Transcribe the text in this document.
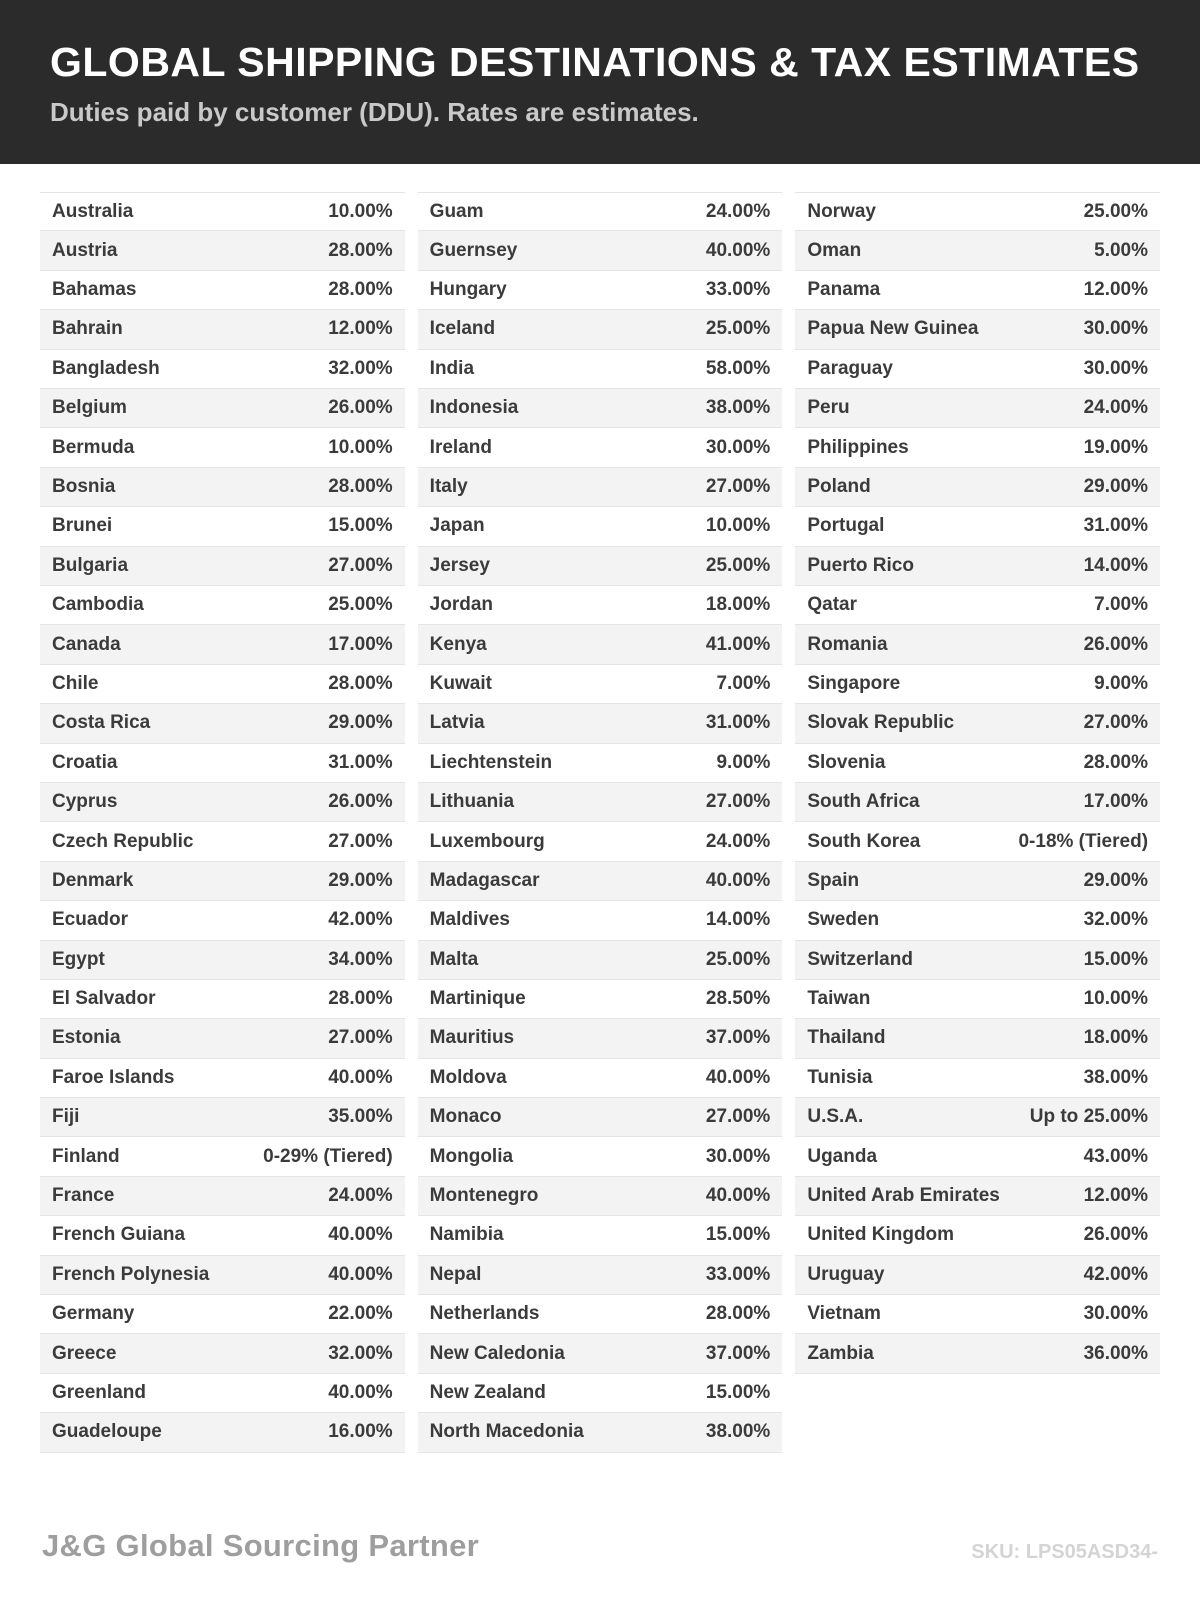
GLOBAL SHIPPING DESTINATIONS & TAX ESTIMATES

Duties paid by customer (DDU). Rates are estimates.

Australia	10.00%
Austria	28.00%
Bahamas	28.00%
Bahrain	12.00%
Bangladesh	32.00%
Belgium	26.00%
Bermuda	10.00%
Bosnia	28.00%
Brunei	15.00%
Bulgaria	27.00%
Cambodia	25.00%
Canada	17.00%
Chile	28.00%
Costa Rica	29.00%
Croatia	31.00%
Cyprus	26.00%
Czech Republic	27.00%
Denmark	29.00%
Ecuador	42.00%
Egypt	34.00%
El Salvador	28.00%
Estonia	27.00%
Faroe Islands	40.00%
Fiji	35.00%
Finland	0-29% (Tiered)
France	24.00%
French Guiana	40.00%
French Polynesia	40.00%
Germany	22.00%
Greece	32.00%
Greenland	40.00%
Guadeloupe	16.00%
Guam	24.00%
Guernsey	40.00%
Hungary	33.00%
Iceland	25.00%
India	58.00%
Indonesia	38.00%
Ireland	30.00%
Italy	27.00%
Japan	10.00%
Jersey	25.00%
Jordan	18.00%
Kenya	41.00%
Kuwait	7.00%
Latvia	31.00%
Liechtenstein	9.00%
Lithuania	27.00%
Luxembourg	24.00%
Madagascar	40.00%
Maldives	14.00%
Malta	25.00%
Martinique	28.50%
Mauritius	37.00%
Moldova	40.00%
Monaco	27.00%
Mongolia	30.00%
Montenegro	40.00%
Namibia	15.00%
Nepal	33.00%
Netherlands	28.00%
New Caledonia	37.00%
New Zealand	15.00%
North Macedonia	38.00%
Norway	25.00%
Oman	5.00%
Panama	12.00%
Papua New Guinea	30.00%
Paraguay	30.00%
Peru	24.00%
Philippines	19.00%
Poland	29.00%
Portugal	31.00%
Puerto Rico	14.00%
Qatar	7.00%
Romania	26.00%
Singapore	9.00%
Slovak Republic	27.00%
Slovenia	28.00%
South Africa	17.00%
South Korea	0-18% (Tiered)
Spain	29.00%
Sweden	32.00%
Switzerland	15.00%
Taiwan	10.00%
Thailand	18.00%
Tunisia	38.00%
U.S.A.	Up to 25.00%
Uganda	43.00%
United Arab Emirates	12.00%
United Kingdom	26.00%
Uruguay	42.00%
Vietnam	30.00%
Zambia	36.00%
J&G Global Sourcing Partner	SKU: LPS05ASD34-
